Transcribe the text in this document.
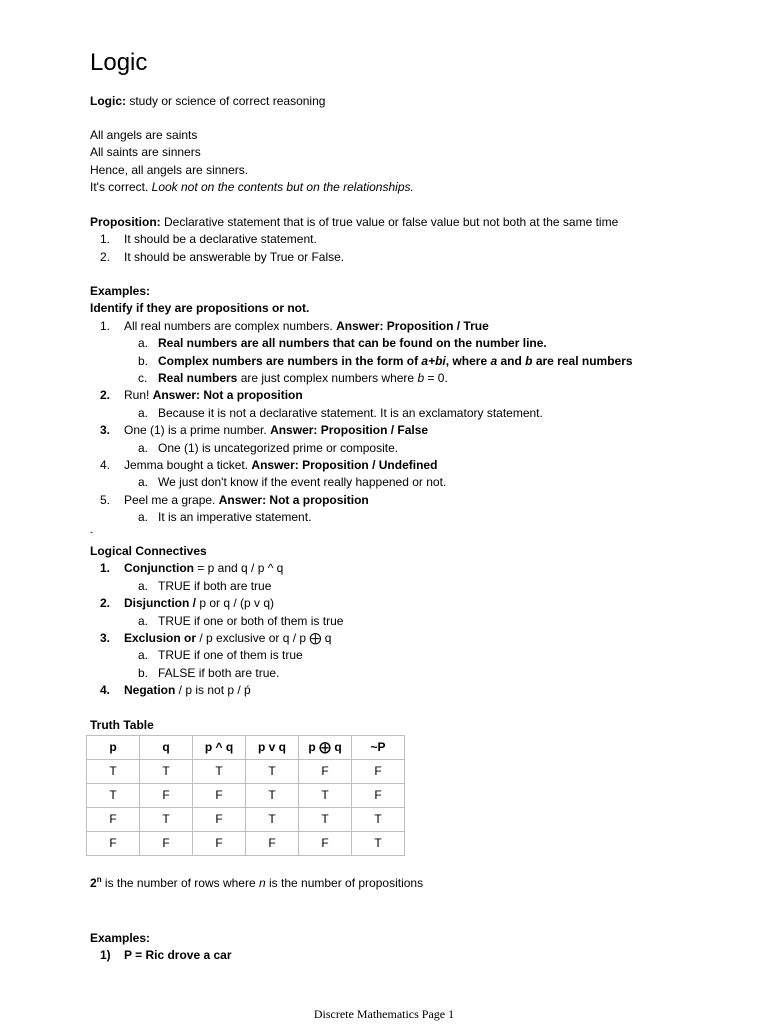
Logic
Logic: study or science of correct reasoning
All angels are saints
All saints are sinners
Hence, all angels are sinners.
It's correct. Look not on the contents but on the relationships.
Proposition: Declarative statement that is of true value or false value but not both at the same time
1. It should be a declarative statement.
2. It should be answerable by True or False.
Examples:
Identify if they are propositions or not.
1. All real numbers are complex numbers. Answer: Proposition / True
a. Real numbers are all numbers that can be found on the number line.
b. Complex numbers are numbers in the form of a+bi, where a and b are real numbers
c. Real numbers are just complex numbers where b = 0.
2. Run! Answer: Not a proposition
a. Because it is not a declarative statement. It is an exclamatory statement.
3. One (1) is a prime number. Answer: Proposition / False
a. One (1) is uncategorized prime or composite.
4. Jemma bought a ticket. Answer: Proposition / Undefined
a. We just don't know if the event really happened or not.
5. Peel me a grape. Answer: Not a proposition
a. It is an imperative statement.
-
Logical Connectives
1. Conjunction = p and q / p ^ q
a. TRUE if both are true
2. Disjunction / p or q / (p v q)
a. TRUE if one or both of them is true
3. Exclusion or / p exclusive or q / p ⨁ q
a. TRUE if one of them is true
b. FALSE if both are true.
4. Negation / p is not p / ṕ
Truth Table
p	q	p ^ q	p v q	p ⨁ q	~P
T	T	T	T	F	F
T	F	F	T	T	F
F	T	F	T	T	T
F	F	F	F	F	T
2$^n$ is the number of rows where n is the number of propositions
Examples:
1) P = Ric drove a car
Discrete Mathematics Page 1
